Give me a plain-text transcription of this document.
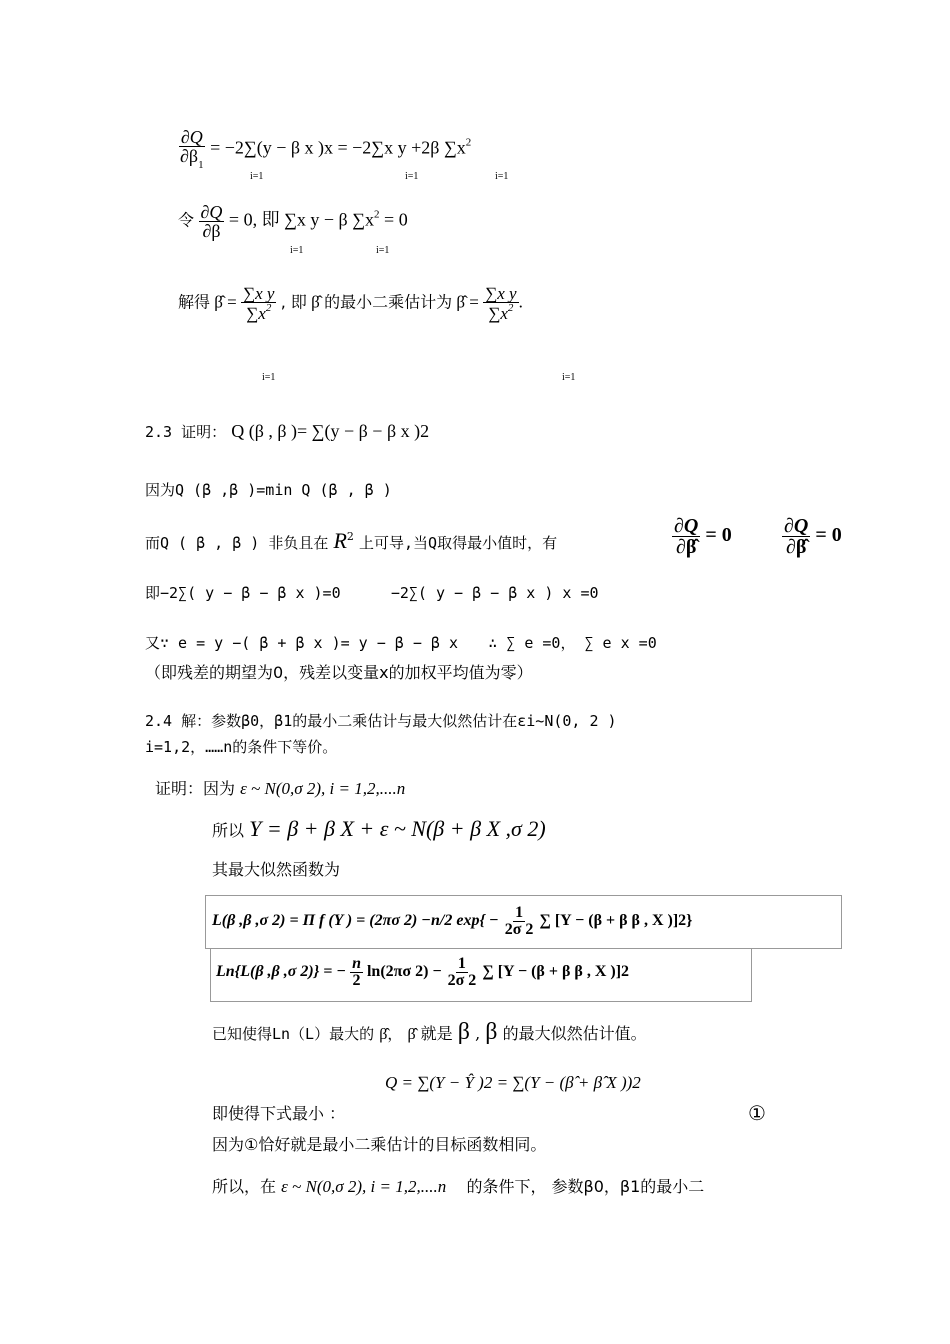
$\frac{\partial Q}{\partial\beta_1} = -2\sum(y - \beta$ x )x = −2∑x y +2β $\sum x^2$
i=1	i=1	i=1
令 $\frac{\partial Q}{\partial\beta} = 0$, 即 ∑x y − β $\sum x^2 = 0$
i=1	i=1
解得 β̂ = $\frac{\text{∑x y}}{\sum x^2}$ , 即 β̂ 的最小二乘估计为 β̂ = $\frac{\text{∑x y}}{\sum x^2}$ .
i=1	i=1
2.3 证明： Q (β , β )= ∑(y − β − β x )2
因为Q (β ,β )=min Q (β , β )
而Q ( β , β ) 非负且在 $R^2$ 上可导,当Q取得最小值时，有	$\frac{\partial Q}{\partial\betâ} = 0$	$\frac{\partial Q}{\partial\betâ} = 0$
即−2∑( y − β − β x )=0	−2∑( y − β − β x ) x =0
又∵ e = y −( β + β x )= y − β − β x ∴ ∑ e =0， ∑ e x =0
（即残差的期望为0，残差以变量x的加权平均值为零）
2.4 解：参数β0，β1的最小二乘估计与最大似然估计在εi~N(0, 2 )
i=1,2，……n的条件下等价。
证明：因为 ε ~ N(0,σ 2), i = 1,2,....n
所以 Y = β + β X + ε ~ N(β + β X ,σ 2)
其最大似然函数为
L(β ,β ,σ 2) = Π f (Y ) = (2πσ 2) −n/2 $\exp\{ - \frac{1}{2\sigma 2}$ ∑ [Y − (β + β β , X )]2}
Ln{L(β ,β ,σ 2)} = − $\frac{n}{2} \ln(2\pi\sigma$ $2) - \frac{1}{2\sigma 2}$ ∑ [Y − (β + β β , X )]2
已知使得Ln（L）最大的 β̂， β̂ 就是 β , β 的最大似然估计值。
Q = ∑(Y − Ŷ )2 = ∑(Y − (β̂ + β̂ X ))2
即使得下式最小 ：	①
因为①恰好就是最小二乘估计的目标函数相同。
所以，在 ε ~ N(0,σ 2), i = 1,2,....n 的条件下， 参数β0，β1的最小二
